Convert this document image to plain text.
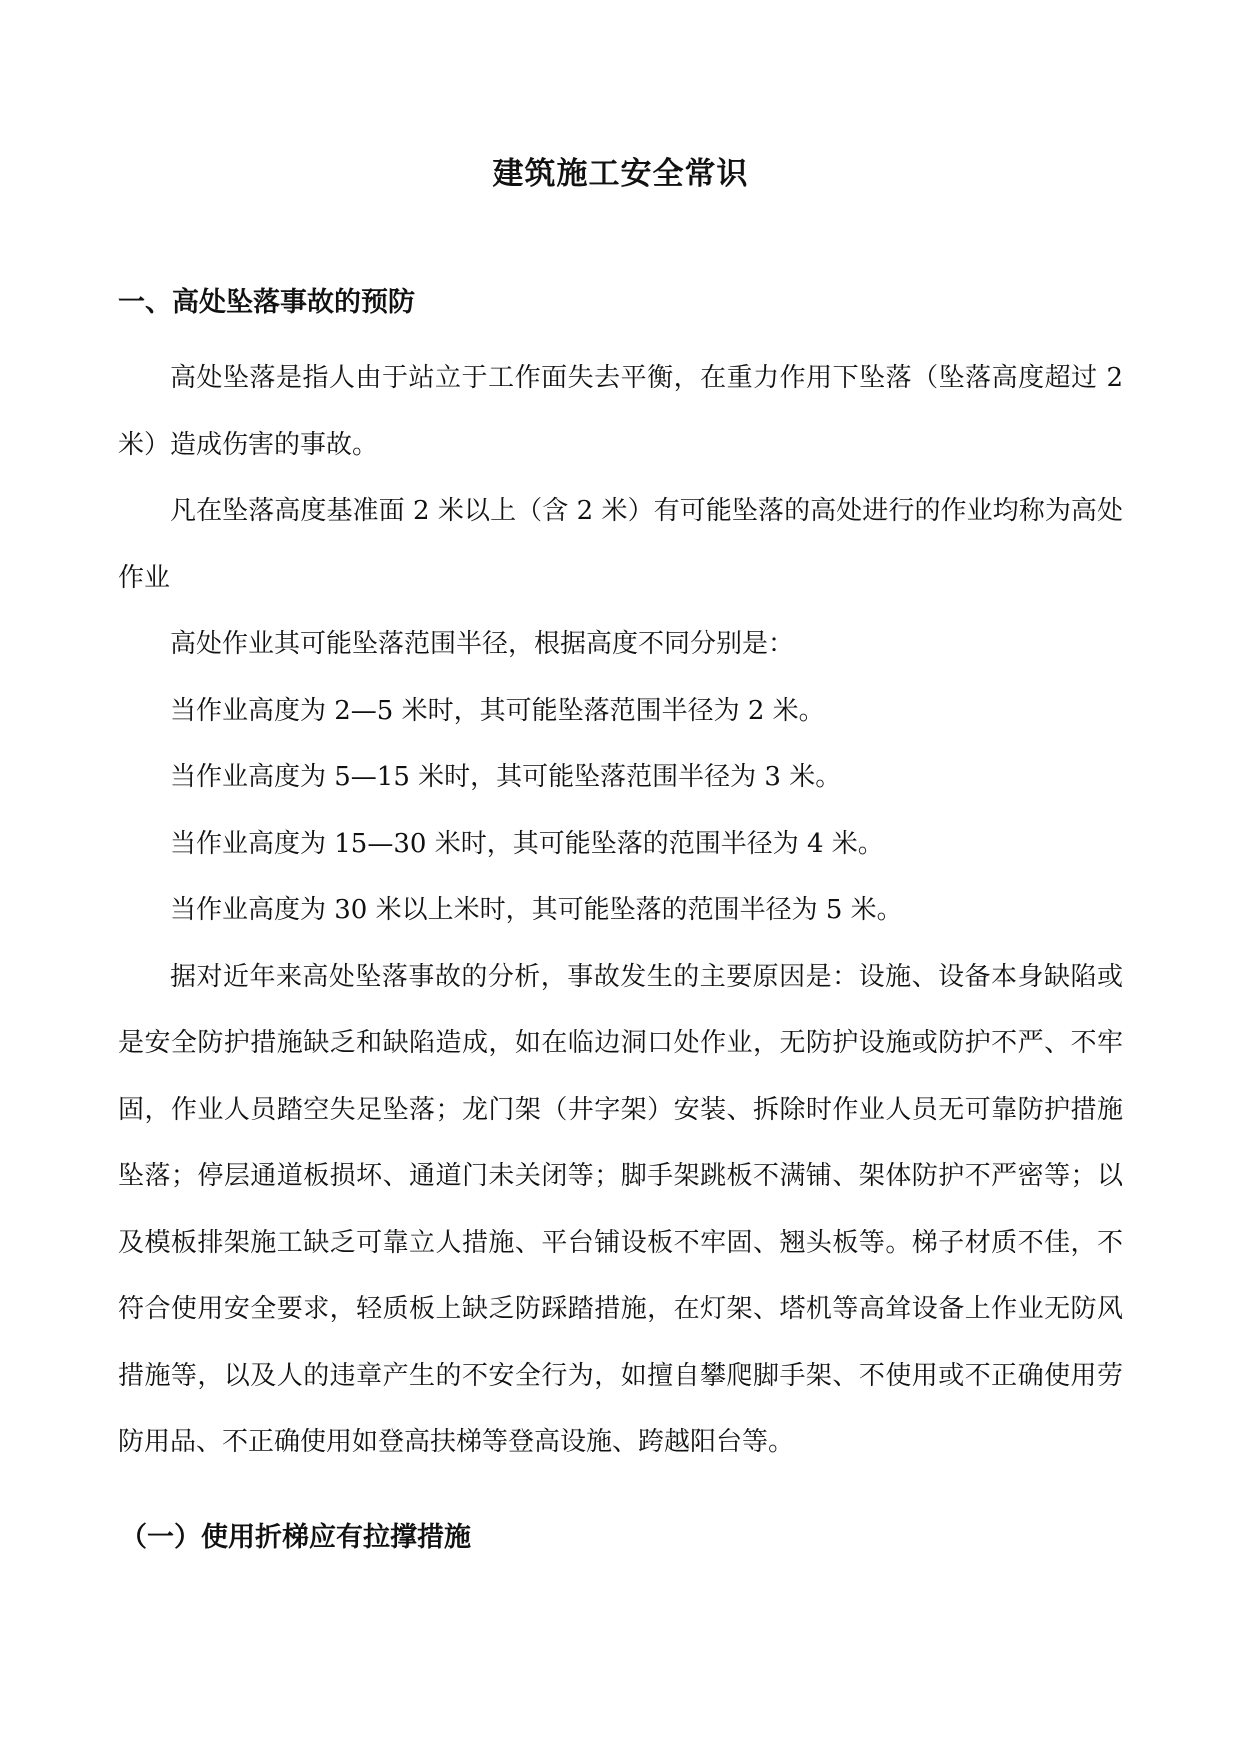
建筑施工安全常识
一、高处坠落事故的预防

高处坠落是指人由于站立于工作面失去平衡，在重力作用下坠落（坠落高度超过 2 米）造成伤害的事故。

凡在坠落高度基准面 2 米以上（含 2 米）有可能坠落的高处进行的作业均称为高处作业

高处作业其可能坠落范围半径，根据高度不同分别是：

当作业高度为 2—5 米时，其可能坠落范围半径为 2 米。

当作业高度为 5—15 米时，其可能坠落范围半径为 3 米。

当作业高度为 15—30 米时，其可能坠落的范围半径为 4 米。

当作业高度为 30 米以上米时，其可能坠落的范围半径为 5 米。

据对近年来高处坠落事故的分析，事故发生的主要原因是：设施、设备本身缺陷或是安全防护措施缺乏和缺陷造成，如在临边洞口处作业，无防护设施或防护不严、不牢固，作业人员踏空失足坠落；龙门架（井字架）安装、拆除时作业人员无可靠防护措施坠落；停层通道板损坏、通道门未关闭等；脚手架跳板不满铺、架体防护不严密等；以及模板排架施工缺乏可靠立人措施、平台铺设板不牢固、翘头板等。梯子材质不佳，不符合使用安全要求，轻质板上缺乏防踩踏措施，在灯架、塔机等高耸设备上作业无防风措施等，以及人的违章产生的不安全行为，如擅自攀爬脚手架、不使用或不正确使用劳防用品、不正确使用如登高扶梯等登高设施、跨越阳台等。

（一）使用折梯应有拉撑措施
